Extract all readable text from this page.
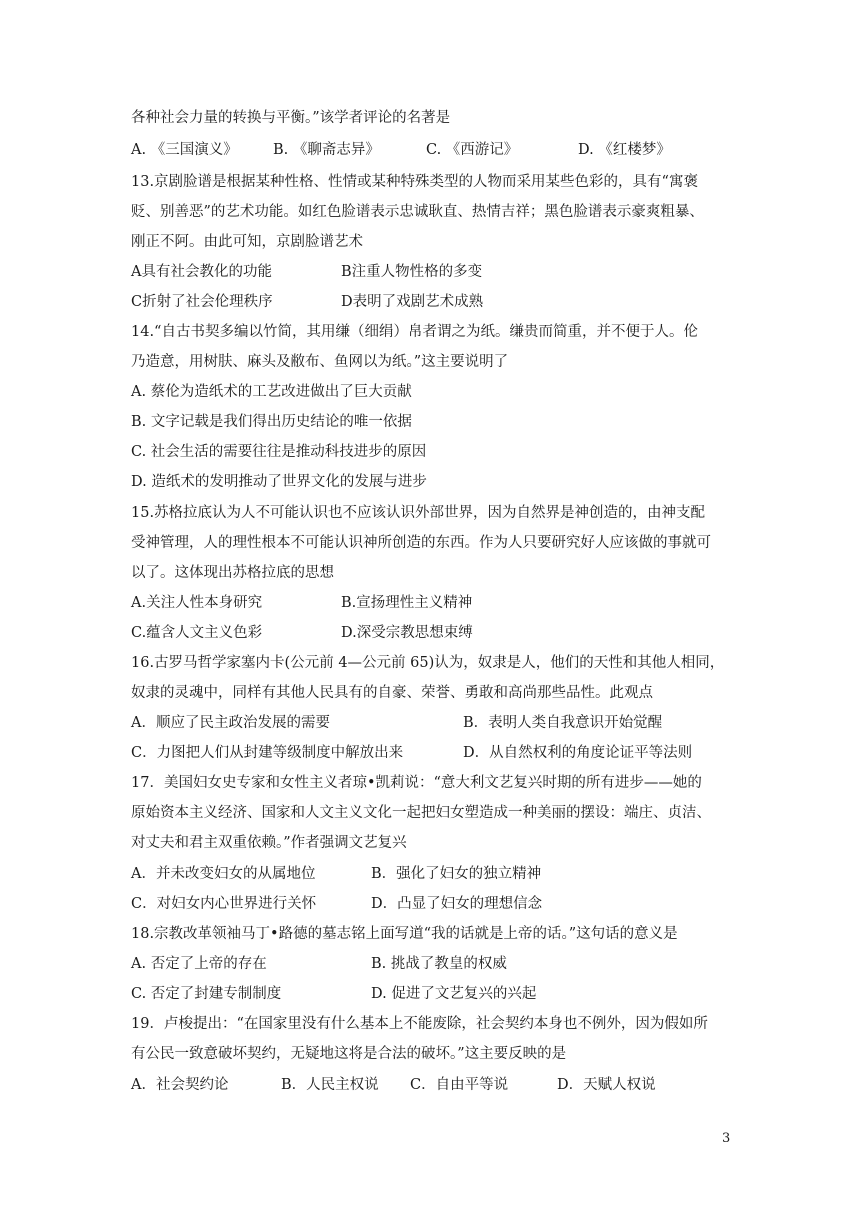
各种社会力量的转换与平衡。”该学者评论的名著是
A. 《三国演义》 B. 《聊斋志异》	C. 《西游记》	D. 《红楼梦》
13.京剧脸谱是根据某种性格、性情或某种特殊类型的人物而采用某些色彩的，具有“寓褒
贬、别善恶”的艺术功能。如红色脸谱表示忠诚耿直、热情吉祥；黑色脸谱表示豪爽粗暴、
刚正不阿。由此可知，京剧脸谱艺术
A具有社会教化的功能	B注重人物性格的多变
C折射了社会伦理秩序	D表明了戏剧艺术成熟
14.“自古书契多编以竹简，其用缣（细绢）帛者谓之为纸。缣贵而简重，并不便于人。伦
乃造意，用树肤、麻头及敝布、鱼网以为纸。”这主要说明了
A. 蔡伦为造纸术的工艺改进做出了巨大贡献
B. 文字记载是我们得出历史结论的唯一依据
C. 社会生活的需要往往是推动科技进步的原因
D. 造纸术的发明推动了世界文化的发展与进步
15.苏格拉底认为人不可能认识也不应该认识外部世界，因为自然界是神创造的，由神支配
受神管理，人的理性根本不可能认识神所创造的东西。作为人只要研究好人应该做的事就可
以了。这体现出苏格拉底的思想
A.关注人性本身研究	B.宣扬理性主义精神
C.蕴含人文主义色彩	D.深受宗教思想束缚
16.古罗马哲学家塞内卡(公元前 4—公元前 65)认为，奴隶是人，他们的天性和其他人相同，
奴隶的灵魂中，同样有其他人民具有的自豪、荣誉、勇敢和高尚那些品性。此观点
A．顺应了民主政治发展的需要	B．表明人类自我意识开始觉醒
C．力图把人们从封建等级制度中解放出来	D．从自然权利的角度论证平等法则
17．美国妇女史专家和女性主义者琼•凯莉说：“意大利文艺复兴时期的所有进步——她的
原始资本主义经济、国家和人文主义文化一起把妇女塑造成一种美丽的摆设：端庄、贞洁、
对丈夫和君主双重依赖。”作者强调文艺复兴
A．并未改变妇女的从属地位	B．强化了妇女的独立精神
C．对妇女内心世界进行关怀	D．凸显了妇女的理想信念
18.宗教改革领袖马丁•路德的墓志铭上面写道“我的话就是上帝的话。”这句话的意义是
A. 否定了上帝的存在	B. 挑战了教皇的权威
C. 否定了封建专制制度	D. 促进了文艺复兴的兴起
19．卢梭提出：“在国家里没有什么基本上不能废除，社会契约本身也不例外，因为假如所
有公民一致意破坏契约，无疑地这将是合法的破坏。”这主要反映的是
A．社会契约论	B．人民主权说 C．自由平等说	D．天赋人权说
3
